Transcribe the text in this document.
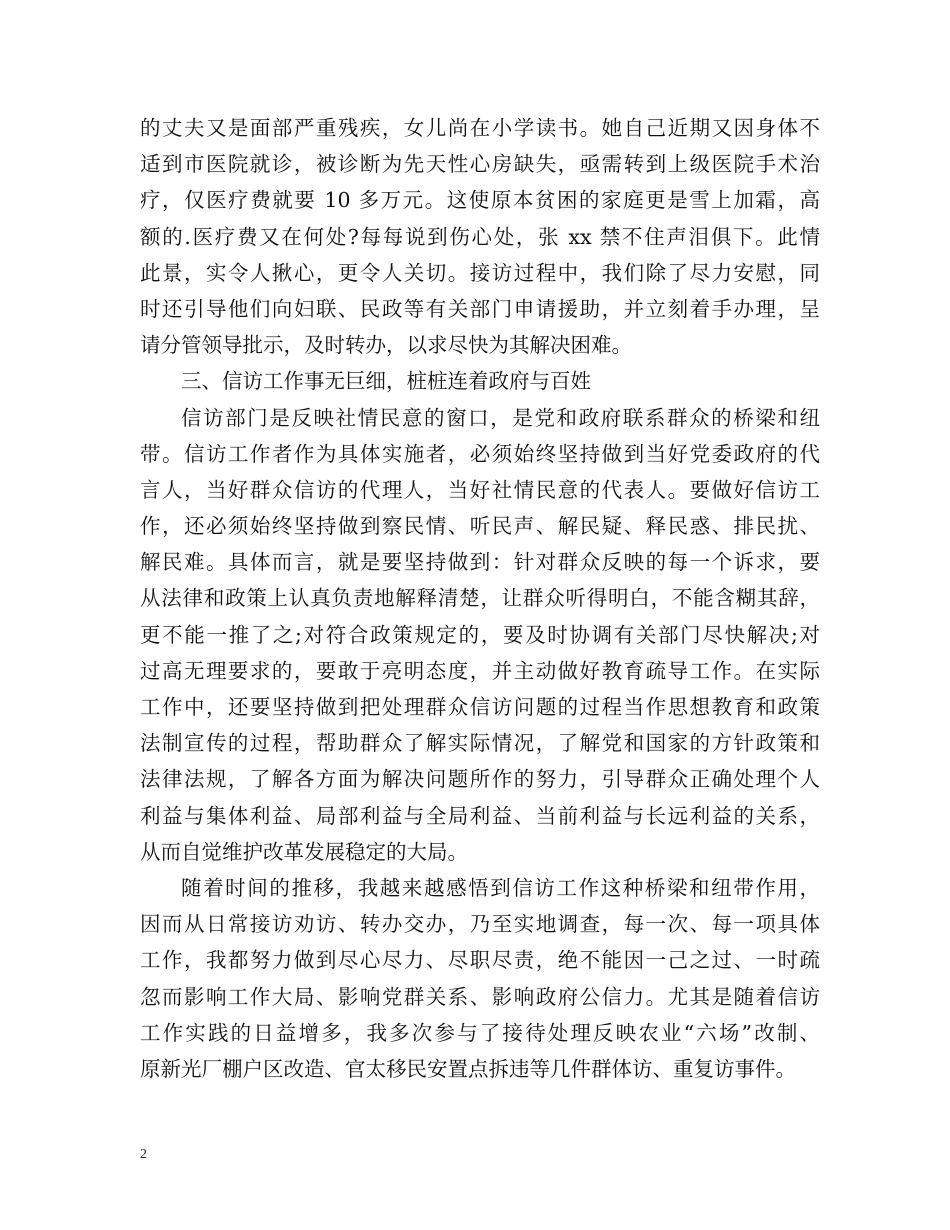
的丈夫又是面部严重残疾，女儿尚在小学读书。她自己近期又因身体不
适到市医院就诊，被诊断为先天性心房缺失，亟需转到上级医院手术治
疗，仅医疗费就要 10 多万元。这使原本贫困的家庭更是雪上加霜，高
额的.医疗费又在何处?每每说到伤心处，张 xx 禁不住声泪俱下。此情
此景，实令人揪心，更令人关切。接访过程中，我们除了尽力安慰，同
时还引导他们向妇联、民政等有关部门申请援助，并立刻着手办理，呈
请分管领导批示，及时转办，以求尽快为其解决困难。
三、信访工作事无巨细，桩桩连着政府与百姓
信访部门是反映社情民意的窗口，是党和政府联系群众的桥梁和纽
带。信访工作者作为具体实施者，必须始终坚持做到当好党委政府的代
言人，当好群众信访的代理人，当好社情民意的代表人。要做好信访工
作，还必须始终坚持做到察民情、听民声、解民疑、释民惑、排民扰、
解民难。具体而言，就是要坚持做到：针对群众反映的每一个诉求，要
从法律和政策上认真负责地解释清楚，让群众听得明白，不能含糊其辞，
更不能一推了之;对符合政策规定的，要及时协调有关部门尽快解决;对
过高无理要求的，要敢于亮明态度，并主动做好教育疏导工作。在实际
工作中，还要坚持做到把处理群众信访问题的过程当作思想教育和政策
法制宣传的过程，帮助群众了解实际情况，了解党和国家的方针政策和
法律法规，了解各方面为解决问题所作的努力，引导群众正确处理个人
利益与集体利益、局部利益与全局利益、当前利益与长远利益的关系，
从而自觉维护改革发展稳定的大局。
随着时间的推移，我越来越感悟到信访工作这种桥梁和纽带作用，
因而从日常接访劝访、转办交办，乃至实地调查，每一次、每一项具体
工作，我都努力做到尽心尽力、尽职尽责，绝不能因一己之过、一时疏
忽而影响工作大局、影响党群关系、影响政府公信力。尤其是随着信访
工作实践的日益增多，我多次参与了接待处理反映农业“六场”改制、
原新光厂棚户区改造、官太移民安置点拆违等几件群体访、重复访事件。
2
